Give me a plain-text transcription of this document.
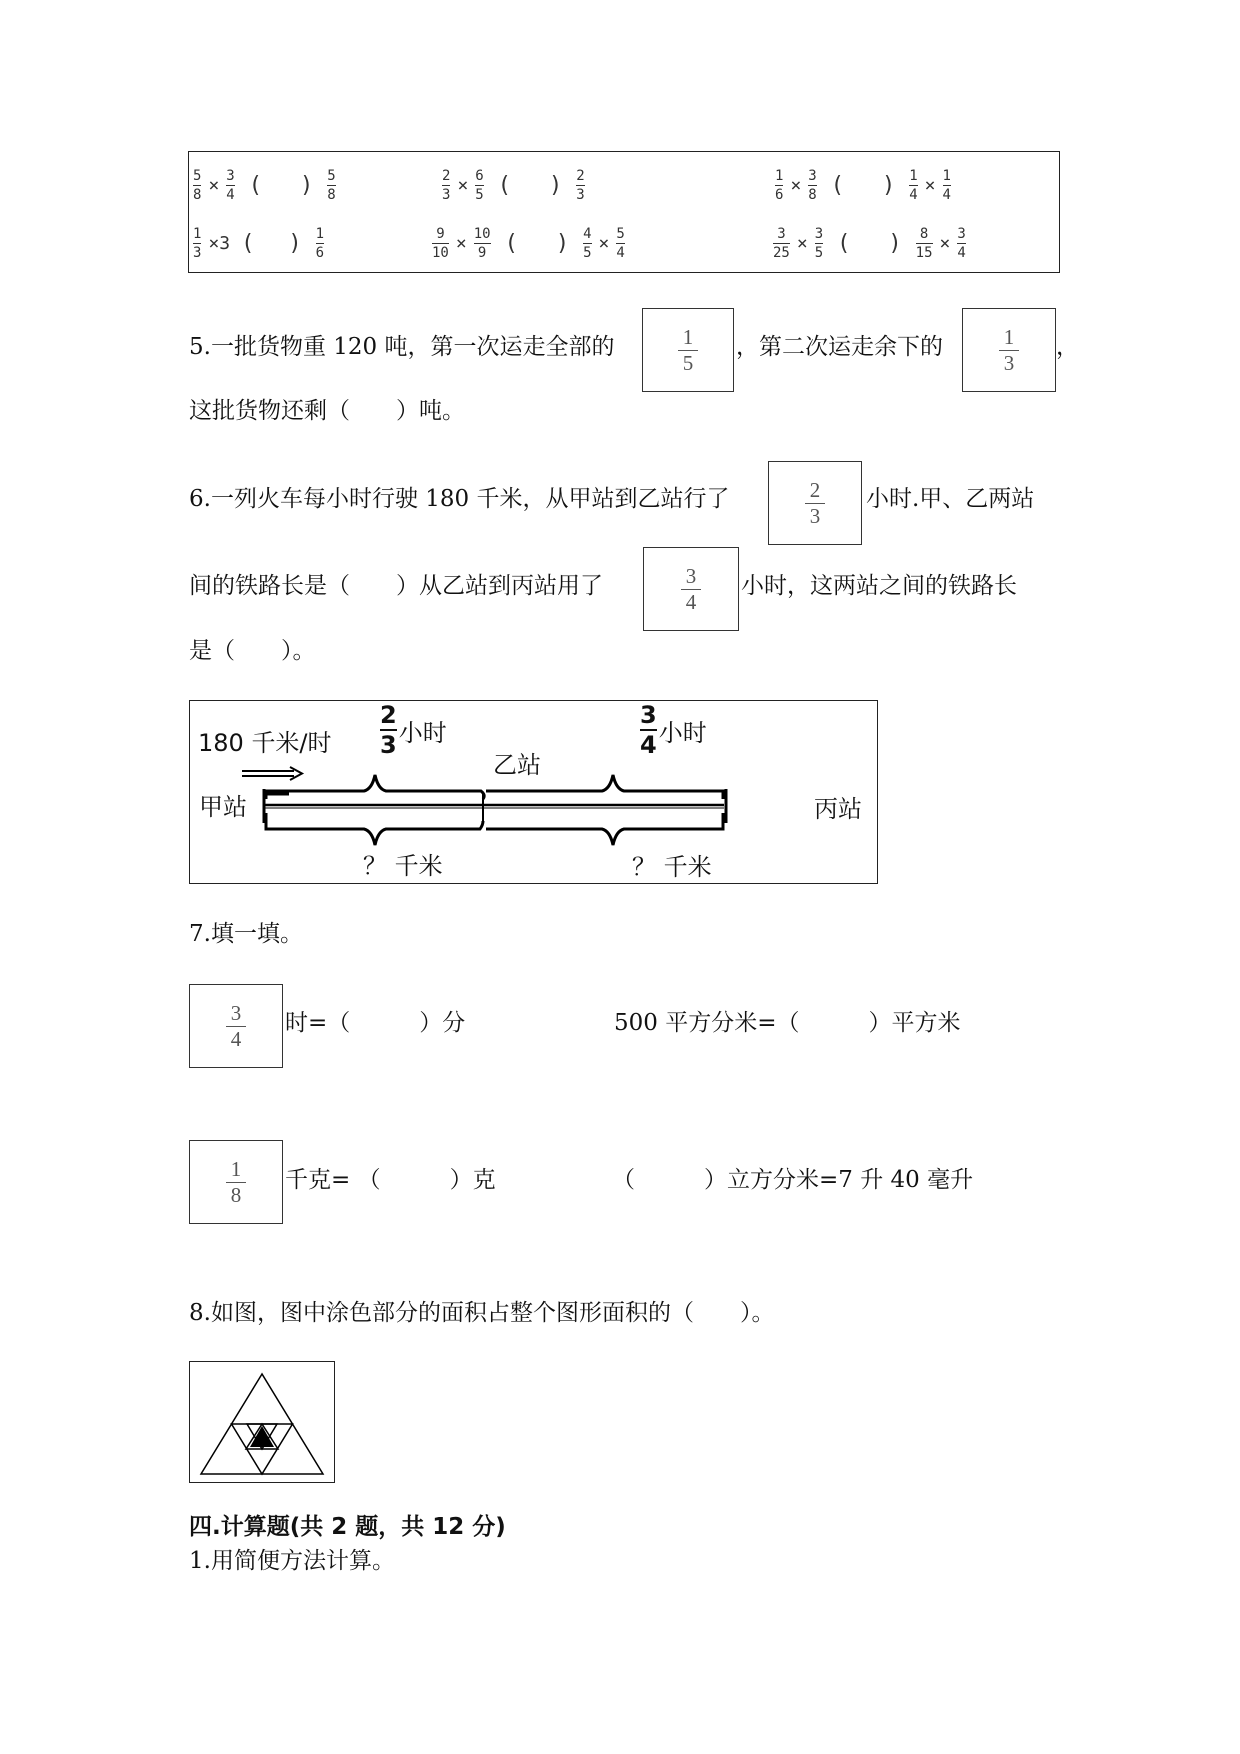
$\frac{5}{8} \times \frac{3}{4}$ ( ) $\frac{5}{8}$	$\frac{2}{3} \times \frac{6}{5}$ ( ) $\frac{2}{3}$	$\frac{1}{6} \times \frac{3}{8}$ ( ) $\frac{1}{4} \times \frac{1}{4}$
$\frac{1}{3} \times 3$ ( ) $\frac{1}{6}$	$\frac{9}{10} \times \frac{10}{9}$ ( ) $\frac{4}{5} \times \frac{5}{4}$	$\frac{3}{25} \times \frac{3}{5}$ ( ) $\frac{8}{15} \times \frac{3}{4}$
5.一批货物重 120 吨，第一次运走全部的	$\frac{1}{5}$ ，第二次运走余下的	$\frac{1}{3}$ ，
这批货物还剩（　　）吨。
6.一列火车每小时行驶 180 千米，从甲站到乙站行了	$\frac{2}{3}$ 小时.甲、乙两站
间的铁路长是（　　）从乙站到丙站用了	$\frac{3}{4}$ 小时，这两站之间的铁路长
是（　　）。
180 千米/时 $\frac{2}{3}$ 小时	$\frac{3}{4}$ 小时
甲站
乙站
丙站
？ 千米	？ 千米
7.填一填。
$\frac{3}{4}$ 时=（　　　）分	500 平方分米=（　　　）平方米
$\frac{1}{8}$ 千克= （　　　）克	（　　　）立方分米=7 升 40 毫升
8.如图，图中涂色部分的面积占整个图形面积的（　　）。
四.计算题(共 2 题，共 12 分)
1.用简便方法计算。
